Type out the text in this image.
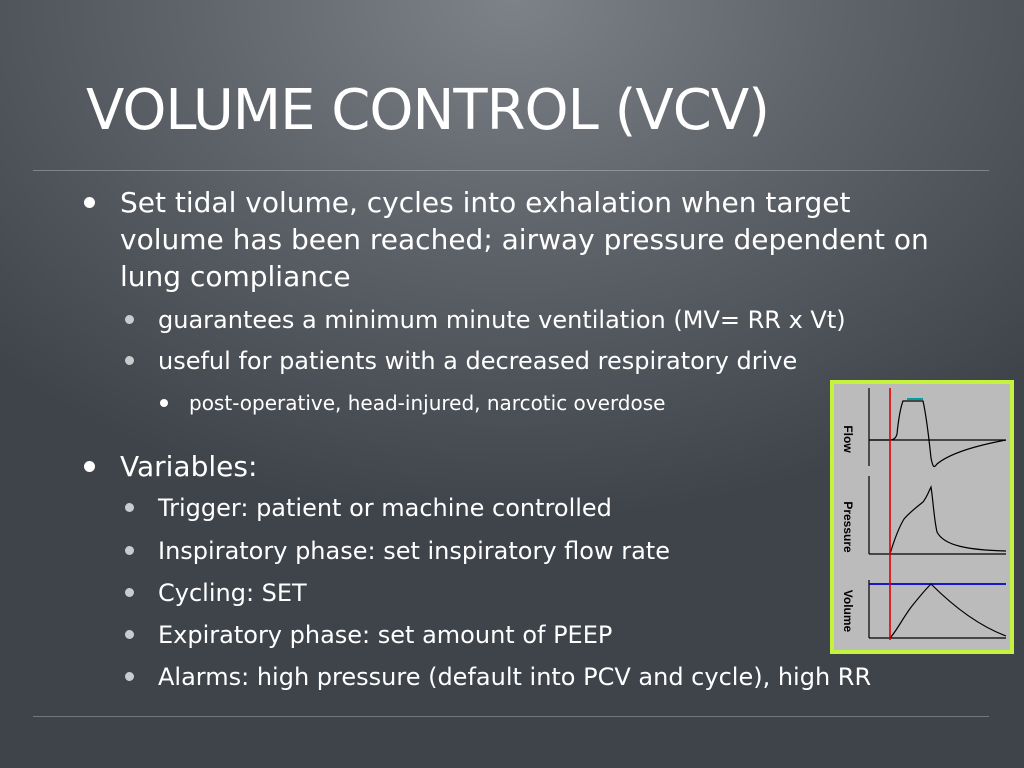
VOLUME CONTROL (VCV)
Set tidal volume, cycles into exhalation when target
volume has been reached; airway pressure dependent on
lung compliance
guarantees a minimum minute ventilation (MV= RR x Vt)
useful for patients with a decreased respiratory drive
post-operative, head-injured, narcotic overdose
Variables:
Trigger: patient or machine controlled
Inspiratory phase: set inspiratory flow rate
Cycling: SET
Expiratory phase: set amount of PEEP
Alarms: high pressure (default into PCV and cycle), high RR
Flow
Pressure
Volume
